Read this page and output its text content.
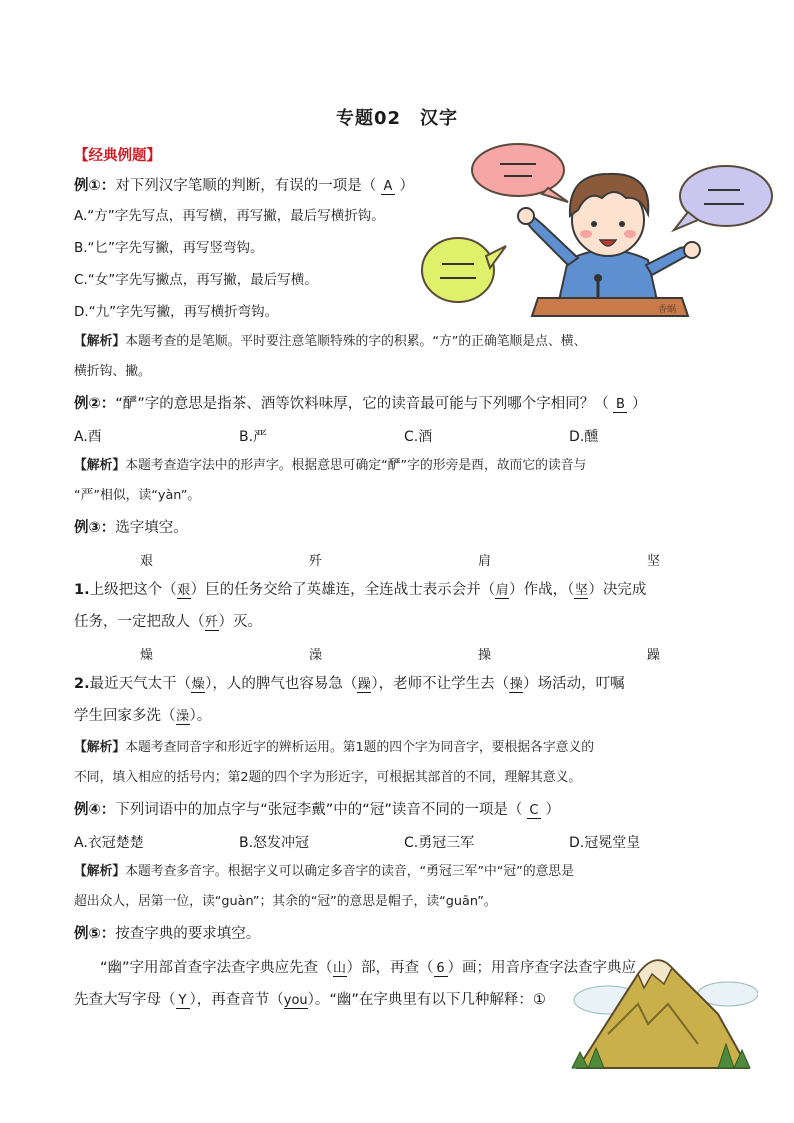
专题02　汉字
【经典例题】
例①：对下列汉字笔顺的判断，有误的一项是（ A ）
A.“方”字先写点，再写横，再写撇，最后写横折钩。
B.“匕”字先写撇，再写竖弯钩。
C.“女”字先写撇点，再写撇，最后写横。
D.“九”字先写撇，再写横折弯钩。
【解析】本题考查的是笔顺。平时要注意笔顺特殊的字的积累。“方”的正确笔顺是点、横、
横折钩、撇。
例②：“酽”字的意思是指茶、酒等饮料味厚，它的读音最可能与下列哪个字相同？（ B ）
A.酉	B.严	C.酒	D.醺
【解析】本题考查造字法中的形声字。根据意思可确定“酽”字的形旁是酉，故而它的读音与
“严”相似，读“yàn”。
例③：选字填空。
艰	歼	肩	坚
1.上级把这个（艰）巨的任务交给了英雄连，全连战士表示会并（肩）作战，（坚）决完成
任务，一定把敌人（歼）灭。
燥	澡	操	躁
2.最近天气太干（燥），人的脾气也容易急（躁），老师不让学生去（操）场活动，叮嘱
学生回家多洗（澡）。
【解析】本题考查同音字和形近字的辨析运用。第1题的四个字为同音字，要根据各字意义的
不同，填入相应的括号内；第2题的四个字为形近字，可根据其部首的不同，理解其意义。
例④：下列词语中的加点字与“张冠李戴”中的“冠”读音不同的一项是（ C ）
A.衣冠楚楚	B.怒发冲冠	C.勇冠三军	D.冠冕堂皇
【解析】本题考查多音字。根据字义可以确定多音字的读音，“勇冠三军”中“冠”的意思是
超出众人，居第一位，读“guàn”；其余的“冠”的意思是帽子，读“guān”。
例⑤：按查字典的要求填空。
“幽”字用部首查字法查字典应先查（山）部，再查（ 6 ）画；用音序查字法查字典应
先查大写字母（ Y ），再查音节（you）。“幽”在字典里有以下几种解释：①
香蜗
